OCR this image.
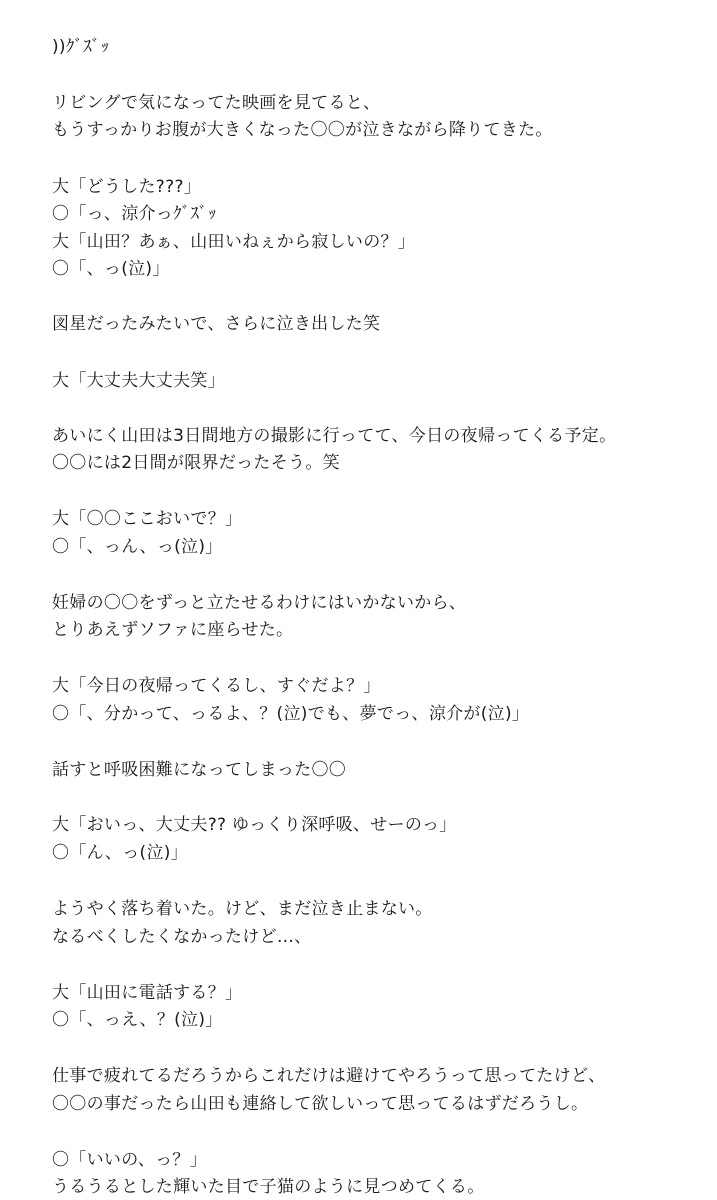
))ｸﾞｽﾞｯ

リビングで気になってた映画を見てると、

もうすっかりお腹が大きくなった〇〇が泣きながら降りてきた。

大「どうした???」

〇「っ、涼介っｸﾞｽﾞｯ

大「山田？あぁ、山田いねぇから寂しいの？」

〇「、っ(泣)」

図星だったみたいで、さらに泣き出した笑

大「大丈夫大丈夫笑」

あいにく山田は3日間地方の撮影に行ってて、今日の夜帰ってくる予定。

〇〇には2日間が限界だったそう。笑

大「〇〇ここおいで？」

〇「、っん、っ(泣)」

妊婦の〇〇をずっと立たせるわけにはいかないから、

とりあえずソファに座らせた。

大「今日の夜帰ってくるし、すぐだよ？」

〇「、分かって、っるよ、？(泣)でも、夢でっ、涼介が(泣)」

話すと呼吸困難になってしまった〇〇

大「おいっ、大丈夫?? ゆっくり深呼吸、せーのっ」

〇「ん、っ(泣)」

ようやく落ち着いた。けど、まだ泣き止まない。

なるべくしたくなかったけど…、

大「山田に電話する？」

〇「、っえ、？(泣)」

仕事で疲れてるだろうからこれだけは避けてやろうって思ってたけど、

〇〇の事だったら山田も連絡して欲しいって思ってるはずだろうし。

〇「いいの、っ？」

うるうるとした輝いた目で子猫のように見つめてくる。
